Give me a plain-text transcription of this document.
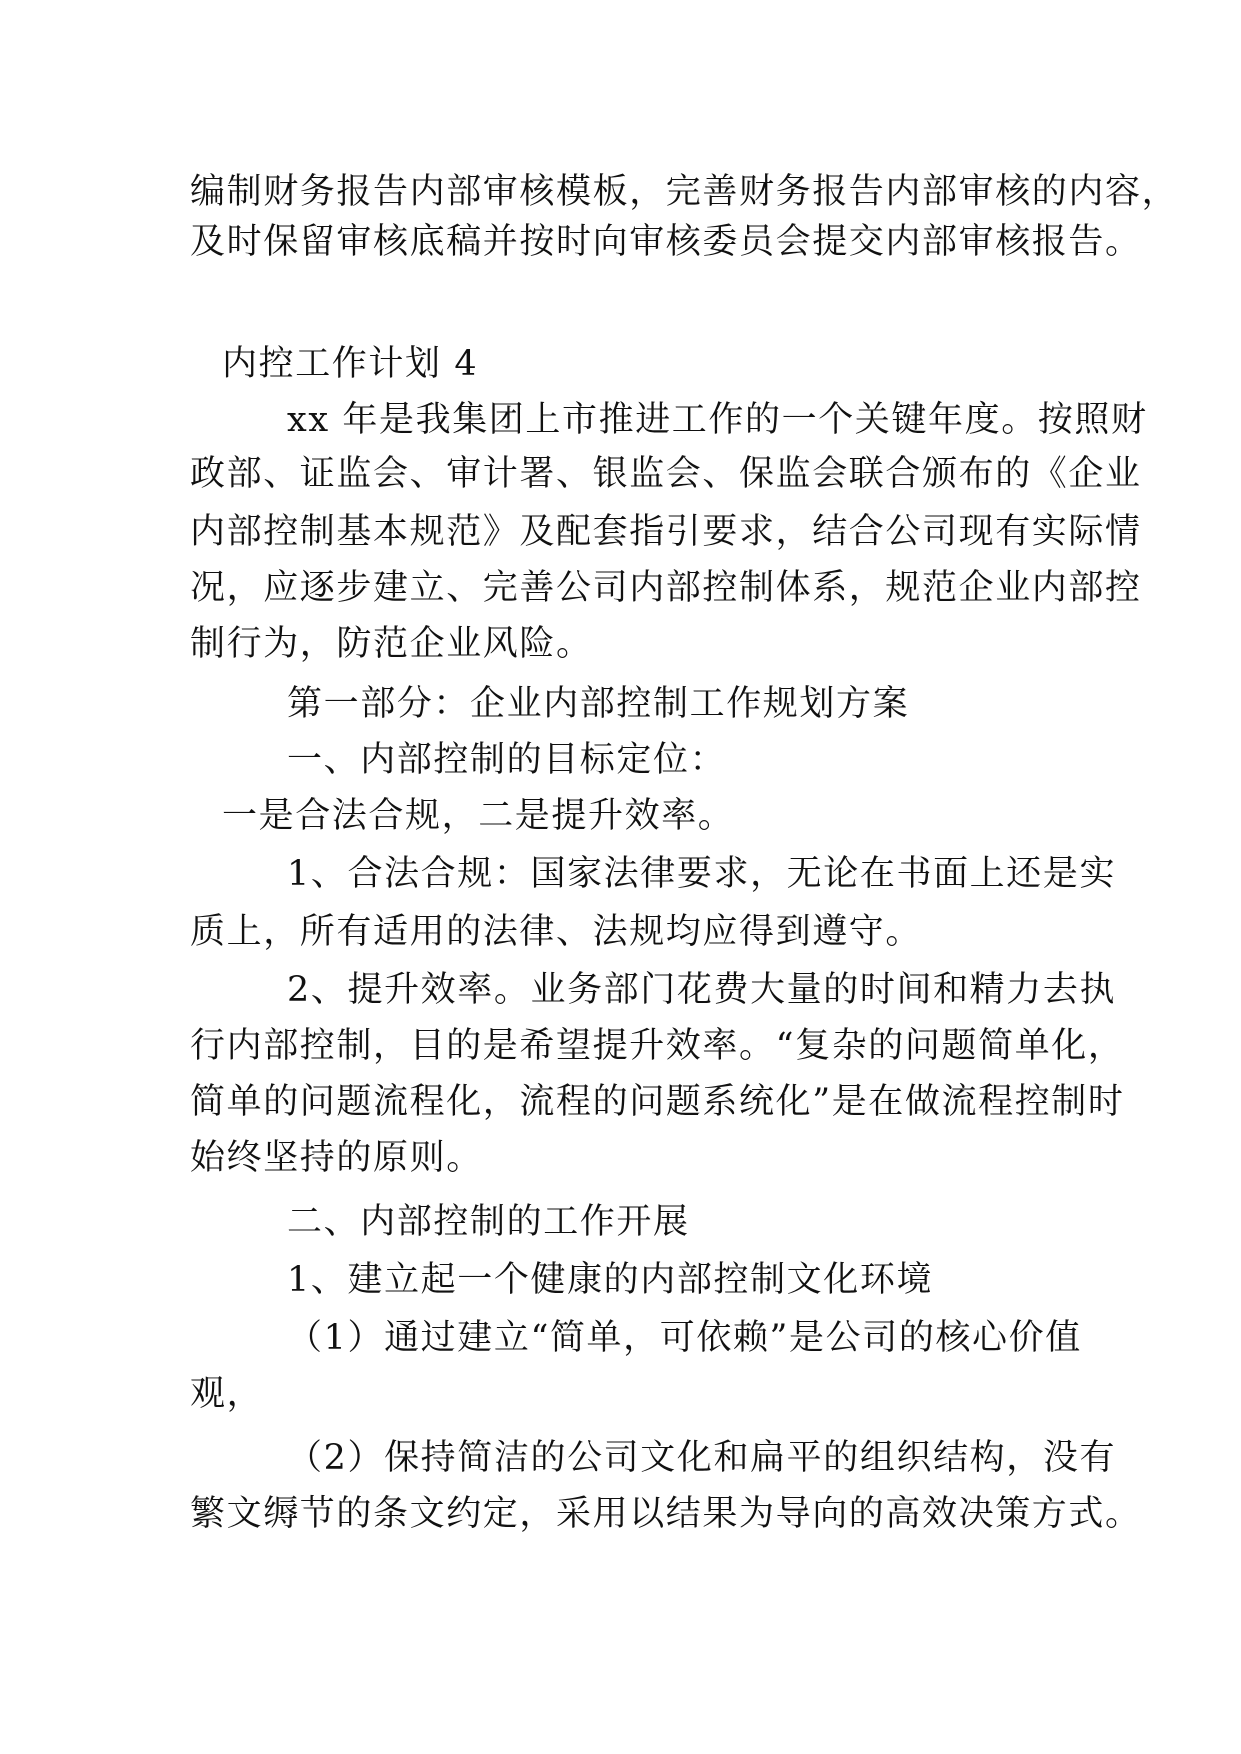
编制财务报告内部审核模板，完善财务报告内部审核的内容，
及时保留审核底稿并按时向审核委员会提交内部审核报告。
内控工作计划 4
xx 年是我集团上市推进工作的一个关键年度。按照财
政部、证监会、审计署、银监会、保监会联合颁布的《企业
内部控制基本规范》及配套指引要求，结合公司现有实际情
况，应逐步建立、完善公司内部控制体系，规范企业内部控
制行为，防范企业风险。
第一部分：企业内部控制工作规划方案
一、内部控制的目标定位：
一是合法合规，二是提升效率。
1、合法合规：国家法律要求，无论在书面上还是实
质上，所有适用的法律、法规均应得到遵守。
2、提升效率。业务部门花费大量的时间和精力去执
行内部控制，目的是希望提升效率。“复杂的问题简单化，
简单的问题流程化，流程的问题系统化”是在做流程控制时
始终坚持的原则。
二、内部控制的工作开展
1、建立起一个健康的内部控制文化环境
（1）通过建立“简单，可依赖”是公司的核心价值
观，
（2）保持简洁的公司文化和扁平的组织结构，没有
繁文缛节的条文约定，采用以结果为导向的高效决策方式。
